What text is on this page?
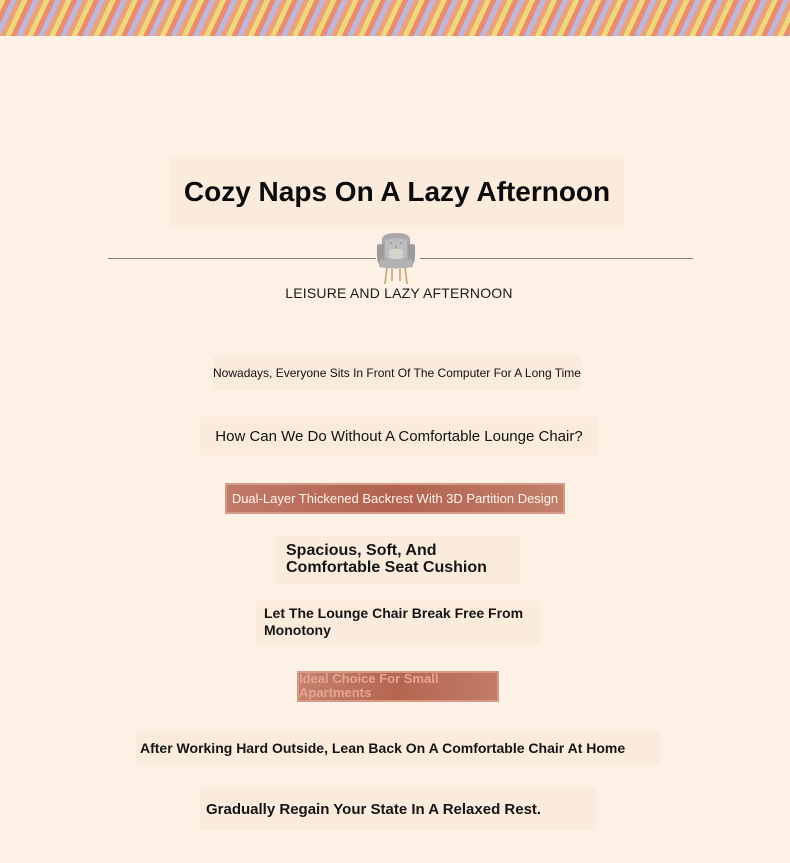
Cozy Naps On A Lazy Afternoon
LEISURE AND LAZY AFTERNOON
Nowadays, Everyone Sits In Front Of The Computer For A Long Time
How Can We Do Without A Comfortable Lounge Chair?
Dual-Layer Thickened Backrest With 3D Partition Design
Spacious, Soft, And Comfortable Seat Cushion
Let The Lounge Chair Break Free From Monotony
Ideal Choice For Small Apartments
After Working Hard Outside, Lean Back On A Comfortable Chair At Home
Gradually Regain Your State In A Relaxed Rest.
